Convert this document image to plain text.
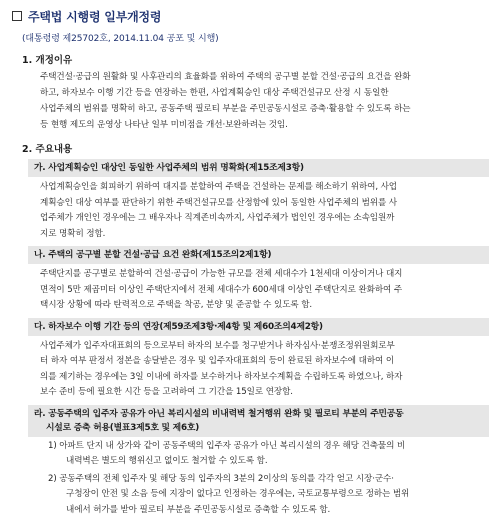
주택법 시행령 일부개정령
(대통령령 제25702호, 2014.11.04 공포 및 시행)
1. 개정이유

주택건설·공급의 원활화 및 사후관리의 효율화를 위하여 주택의 공구별 분할 건설·공급의 요건을 완화

하고, 하자보수 이행 기간 등을 연장하는 한편, 사업계획승인 대상 주택건설규모 산정 시 동일한

사업주체의 범위를 명확히 하고, 공동주택 필로티 부분을 주민공동시설로 증축·활용할 수 있도록 하는

등 현행 제도의 운영상 나타난 일부 미비점을 개선·보완하려는 것임.

2. 주요내용

가. 사업계획승인 대상인 동일한 사업주체의 범위 명확화(제15조제3항)

사업계획승인을 회피하기 위하여 대지를 분할하여 주택을 건설하는 문제를 해소하기 위하여, 사업

계획승인 대상 여부를 판단하기 위한 주택건설규모를 산정함에 있어 동일한 사업주체의 범위를 사

업주체가 개인인 경우에는 그 배우자나 직계존비속까지, 사업주체가 법인인 경우에는 소속임원까

지로 명확히 정함.

나. 주택의 공구별 분할 건설·공급 요건 완화(제15조의2제1항)

주택단지를 공구별로 분할하여 건설·공급이 가능한 규모를 전체 세대수가 1천세대 이상이거나 대지

면적이 5만 제곱미터 이상인 주택단지에서 전체 세대수가 600세대 이상인 주택단지로 완화하여 주

택시장 상황에 따라 탄력적으로 주택을 착공, 분양 및 준공할 수 있도록 함.

다. 하자보수 이행 기간 등의 연장(제59조제3항·제4항 및 제60조의4제2항)

사업주체가 입주자대표회의 등으로부터 하자의 보수를 청구받거나 하자심사·분쟁조정위원회로부

터 하자 여부 판정서 정본을 송달받은 경우 및 입주자대표회의 등이 완료된 하자보수에 대하여 이

의를 제기하는 경우에는 3일 이내에 하자를 보수하거나 하자보수계획을 수립하도록 하였으나, 하자

보수 준비 등에 필요한 시간 등을 고려하여 그 기간을 15일로 연장함.

라. 공동주택의 입주자 공유가 아닌 복리시설의 비내력벽 철거행위 완화 및 필로티 부분의 주민공동

시설로 증축 허용(별표3제5호 및 제6호)

1) 아파트 단지 내 상가와 같이 공동주택의 입주자 공유가 아닌 복리시설의 경우 해당 건축물의 비

내력벽은 별도의 행위신고 없이도 철거할 수 있도록 함.

2) 공동주택의 전체 입주자 및 해당 동의 입주자의 3분의 2이상의 동의를 각각 얻고 시장·군수·

구청장이 안전 및 소음 등에 지장이 없다고 인정하는 경우에는, 국토교통부령으로 정하는 범위

내에서 허가를 받아 필로티 부분을 주민공동시설로 증축할 수 있도록 함.
